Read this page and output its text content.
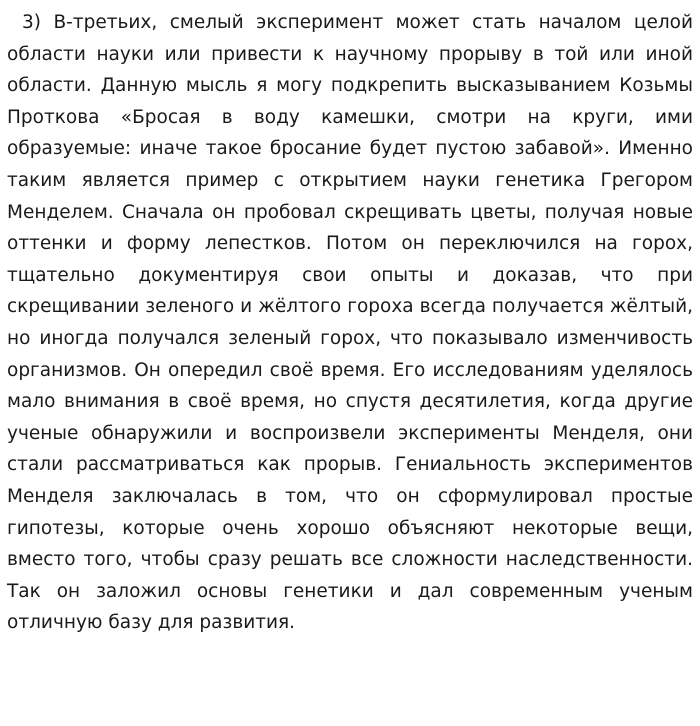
3) В-третьих, смелый эксперимент может стать началом целой области науки или привести к научному прорыву в той или иной области. Данную мысль я могу подкрепить высказыванием Козьмы Проткова «Бросая в воду камешки, смотри на круги, ими образуемые: иначе такое бросание будет пустою забавой». Именно таким является пример с открытием науки генетика Грегором Менделем. Сначала он пробовал скрещивать цветы, получая новые оттенки и форму лепестков. Потом он переключился на горох, тщательно документируя свои опыты и доказав, что при скрещивании зеленого и жёлтого гороха всегда получается жёлтый, но иногда получался зеленый горох, что показывало изменчивость организмов. Он опередил своё время. Его исследованиям уделялось мало внимания в своё время, но спустя десятилетия, когда другие ученые обнаружили и воспроизвели эксперименты Менделя, они стали рассматриваться как прорыв. Гениальность экспериментов Менделя заключалась в том, что он сформулировал простые гипотезы, которые очень хорошо объясняют некоторые вещи, вместо того, чтобы сразу решать все сложности наследственности. Так он заложил основы генетики и дал современным ученым отличную базу для развития.
